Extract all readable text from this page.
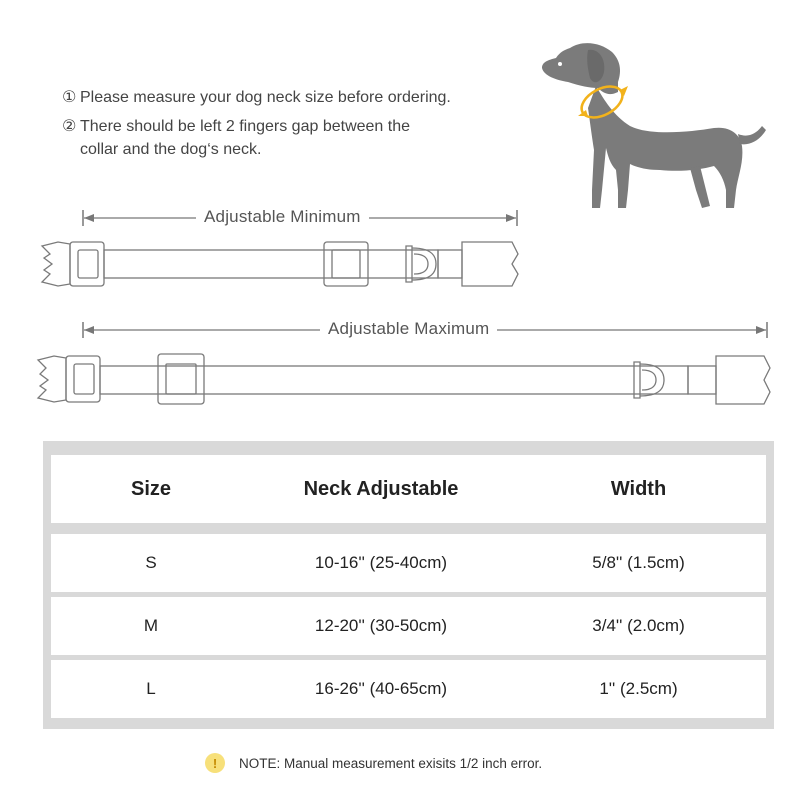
① Please measure your dog neck size before ordering.
② There should be left 2 fingers gap between the
collar and the dog‘s neck.
Adjustable Minimum
Adjustable Maximum
Size	Neck Adjustable	Width
S	10-16'' (25-40cm)	5/8'' (1.5cm)
M	12-20'' (30-50cm)	3/4'' (2.0cm)
L	16-26'' (40-65cm)	1'' (2.5cm)
!	NOTE: Manual measurement exisits 1/2 inch error.
